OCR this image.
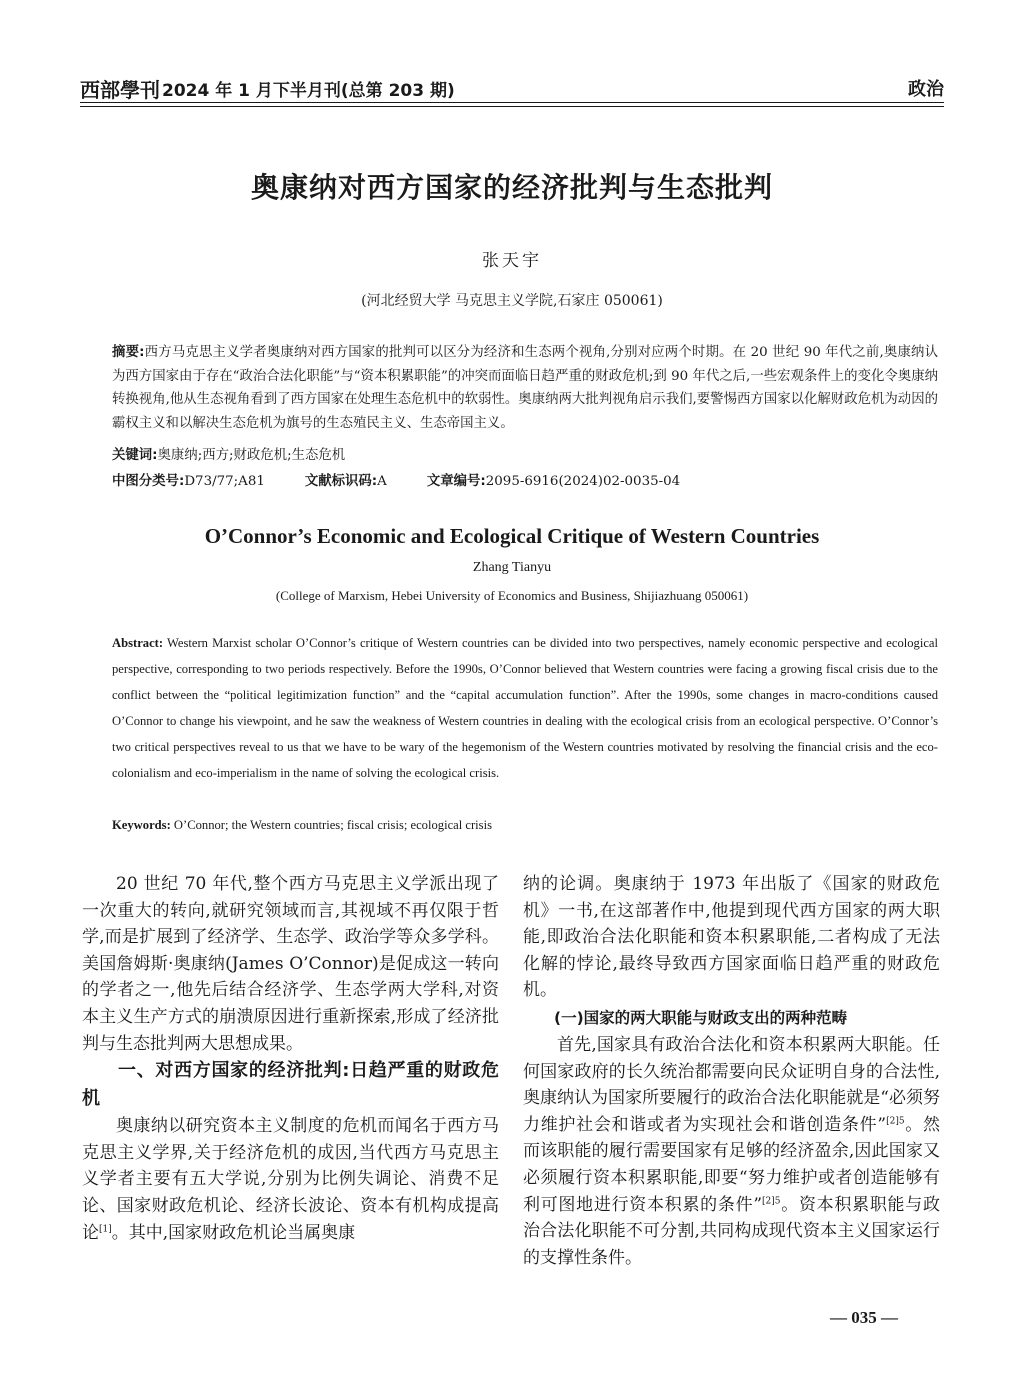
西部學刊 2024 年 1 月下半月刊(总第 203 期)	政治
奥康纳对西方国家的经济批判与生态批判
张天宇
(河北经贸大学 马克思主义学院,石家庄 050061)
摘要:西方马克思主义学者奥康纳对西方国家的批判可以区分为经济和生态两个视角,分别对应两个时期。在 20 世纪 90 年代之前,奥康纳认为西方国家由于存在“政治合法化职能”与“资本积累职能”的冲突而面临日趋严重的财政危机;到 90 年代之后,一些宏观条件上的变化令奥康纳转换视角,他从生态视角看到了西方国家在处理生态危机中的软弱性。奥康纳两大批判视角启示我们,要警惕西方国家以化解财政危机为动因的霸权主义和以解决生态危机为旗号的生态殖民主义、生态帝国主义。
关键词:奥康纳;西方;财政危机;生态危机
中图分类号:D73/77;A81	文献标识码:A	文章编号:2095-6916(2024)02-0035-04
O’Connor’s Economic and Ecological Critique of Western Countries
Zhang Tianyu
(College of Marxism, Hebei University of Economics and Business, Shijiazhuang 050061)
Abstract: Western Marxist scholar O’Connor’s critique of Western countries can be divided into two perspectives, namely economic perspective and ecological perspective, corresponding to two periods respectively. Before the 1990s, O’Connor believed that Western countries were facing a growing fiscal crisis due to the conflict between the “political legitimization function” and the “capital accumulation function”. After the 1990s, some changes in macro-conditions caused O’Connor to change his viewpoint, and he saw the weakness of Western countries in dealing with the ecological crisis from an ecological perspective. O’Connor’s two critical perspectives reveal to us that we have to be wary of the hegemonism of the Western countries motivated by resolving the financial crisis and the eco-colonialism and eco-imperialism in the name of solving the ecological crisis.
Keywords: O’Connor; the Western countries; fiscal crisis; ecological crisis

20 世纪 70 年代,整个西方马克思主义学派出现了一次重大的转向,就研究领域而言,其视域不再仅限于哲学,而是扩展到了经济学、生态学、政治学等众多学科。美国詹姆斯·奥康纳(James O’Connor)是促成这一转向的学者之一,他先后结合经济学、生态学两大学科,对资本主义生产方式的崩溃原因进行重新探索,形成了经济批判与生态批判两大思想成果。

一、对西方国家的经济批判:日趋严重的财政危机

奥康纳以研究资本主义制度的危机而闻名于西方马克思主义学界,关于经济危机的成因,当代西方马克思主义学者主要有五大学说,分别为比例失调论、消费不足论、国家财政危机论、经济长波论、资本有机构成提高论[1]。其中,国家财政危机论当属奥康

纳的论调。奥康纳于 1973 年出版了《国家的财政危机》一书,在这部著作中,他提到现代西方国家的两大职能,即政治合法化职能和资本积累职能,二者构成了无法化解的悖论,最终导致西方国家面临日趋严重的财政危机。

(一)国家的两大职能与财政支出的两种范畴

首先,国家具有政治合法化和资本积累两大职能。任何国家政府的长久统治都需要向民众证明自身的合法性,奥康纳认为国家所要履行的政治合法化职能就是“必须努力维护社会和谐或者为实现社会和谐创造条件”$^{[2]5}$。然而该职能的履行需要国家有足够的经济盈余,因此国家又必须履行资本积累职能,即要“努力维护或者创造能够有利可图地进行资本积累的条件”$^{[2]5}$。资本积累职能与政治合法化职能不可分割,共同构成现代资本主义国家运行的支撑性条件。

— 035 —
